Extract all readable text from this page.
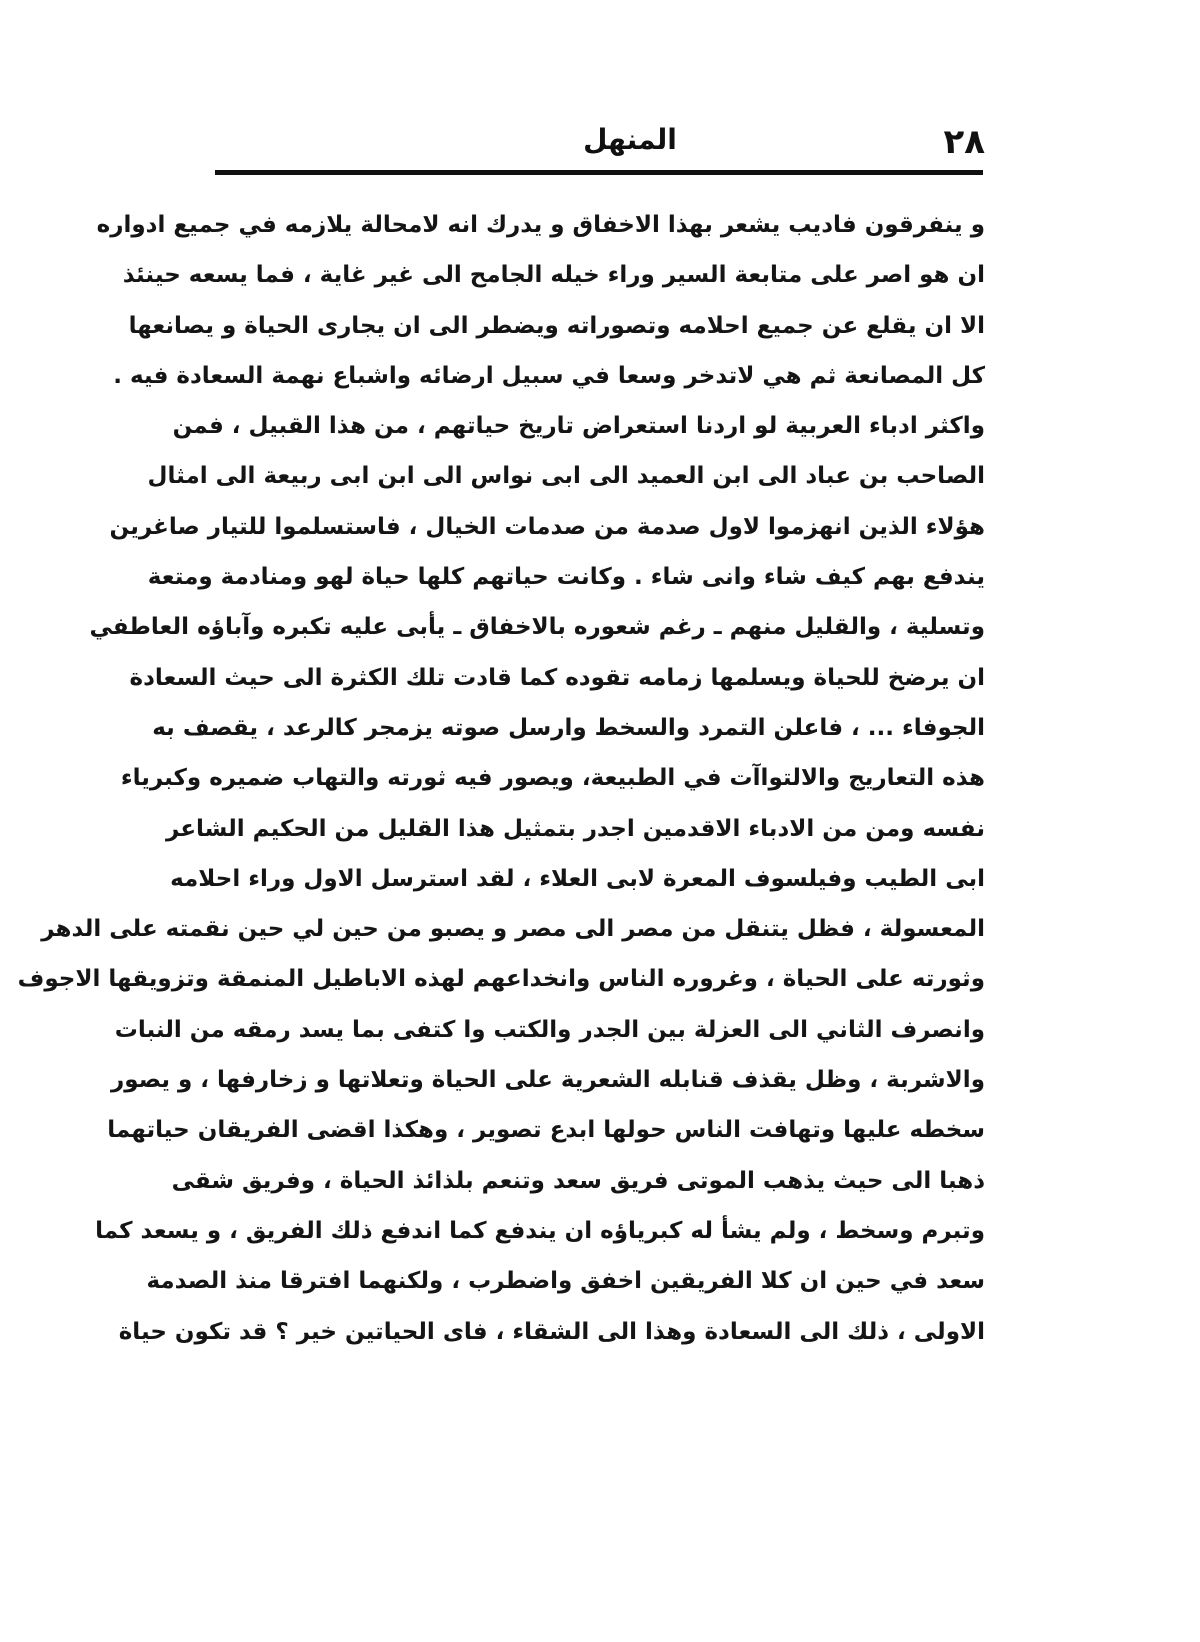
٢٨
المنهل
و ينفرقون فاديب يشعر بهذا الاخفاق و يدرك انه لامحالة يلازمه في جميع ادواره
ان هو اصر على متابعة السير وراء خيله الجامح الى غير غاية ، فما يسعه حينئذ
الا ان يقلع عن جميع احلامه وتصوراته ويضطر الى ان يجارى الحياة و يصانعها
كل المصانعة ثم هي لاتدخر وسعا في سبيل ارضائه واشباع نهمة السعادة فيه .
واكثر ادباء العربية لو اردنا استعراض تاريخ حياتهم ، من هذا القبيل ، فمن
الصاحب بن عباد الى ابن العميد الى ابى نواس الى ابن ابى ربيعة الى امثال
هؤلاء الذين انهزموا لاول صدمة من صدمات الخيال ، فاستسلموا للتيار صاغرين
يندفع بهم كيف شاء وانى شاء . وكانت حياتهم كلها حياة لهو ومنادمة ومتعة
وتسلية ، والقليل منهم ـ رغم شعوره بالاخفاق ـ يأبى عليه تكبره وآباؤه العاطفي
ان يرضخ للحياة ويسلمها زمامه تقوده كما قادت تلك الكثرة الى حيث السعادة
الجوفاء ... ، فاعلن التمرد والسخط وارسل صوته يزمجر كالرعد ، يقصف به
هذه التعاريج والالتواآت في الطبيعة، ويصور فيه ثورته والتهاب ضميره وكبرياء
نفسه ومن من الادباء الاقدمين اجدر بتمثيل هذا القليل من الحكيم الشاعر
ابى الطيب وفيلسوف المعرة لابى العلاء ، لقد استرسل الاول وراء احلامه
المعسولة ، فظل يتنقل من مصر الى مصر و يصبو من حين لي حين نقمته على الدهر
وثورته على الحياة ، وغروره الناس وانخداعهم لهذه الاباطيل المنمقة وتزويقها الاجوف
وانصرف الثاني الى العزلة بين الجدر والكتب وا كتفى بما يسد رمقه من النبات
والاشربة ، وظل يقذف قنابله الشعرية على الحياة وتعلاتها و زخارفها ، و يصور
سخطه عليها وتهافت الناس حولها ابدع تصوير ، وهكذا اقضى الفريقان حياتهما
ذهبا الى حيث يذهب الموتى فريق سعد وتنعم بلذائذ الحياة ، وفريق شقى
وتبرم وسخط ، ولم يشأ له كبرياؤه ان يندفع كما اندفع ذلك الفريق ، و يسعد كما
سعد في حين ان كلا الفريقين اخفق واضطرب ، ولكنهما افترقا منذ الصدمة
الاولى ، ذلك الى السعادة وهذا الى الشقاء ، فاى الحياتين خير ؟ قد تكون حياة
